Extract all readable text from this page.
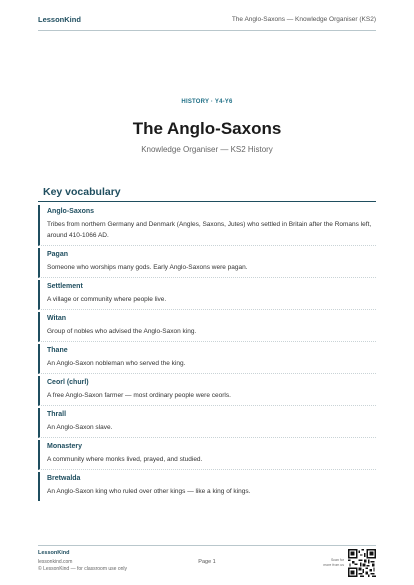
LessonKind	The Anglo-Saxons — Knowledge Organiser (KS2)
HISTORY · Y4-Y6
The Anglo-Saxons
Knowledge Organiser — KS2 History
Key vocabulary
Anglo-Saxons
Tribes from northern Germany and Denmark (Angles, Saxons, Jutes) who settled in Britain after the Romans left, around 410-1066 AD.
Pagan
Someone who worships many gods. Early Anglo-Saxons were pagan.
Settlement
A village or community where people live.
Witan
Group of nobles who advised the Anglo-Saxon king.
Thane
An Anglo-Saxon nobleman who served the king.
Ceorl (churl)
A free Anglo-Saxon farmer — most ordinary people were ceorls.
Thrall
An Anglo-Saxon slave.
Monastery
A community where monks lived, prayed, and studied.
Bretwalda
An Anglo-Saxon king who ruled over other kings — like a king of kings.
LessonKind
lessonkind.com
© LessonKind — for classroom use only
Page 1	Scan for
more from us
